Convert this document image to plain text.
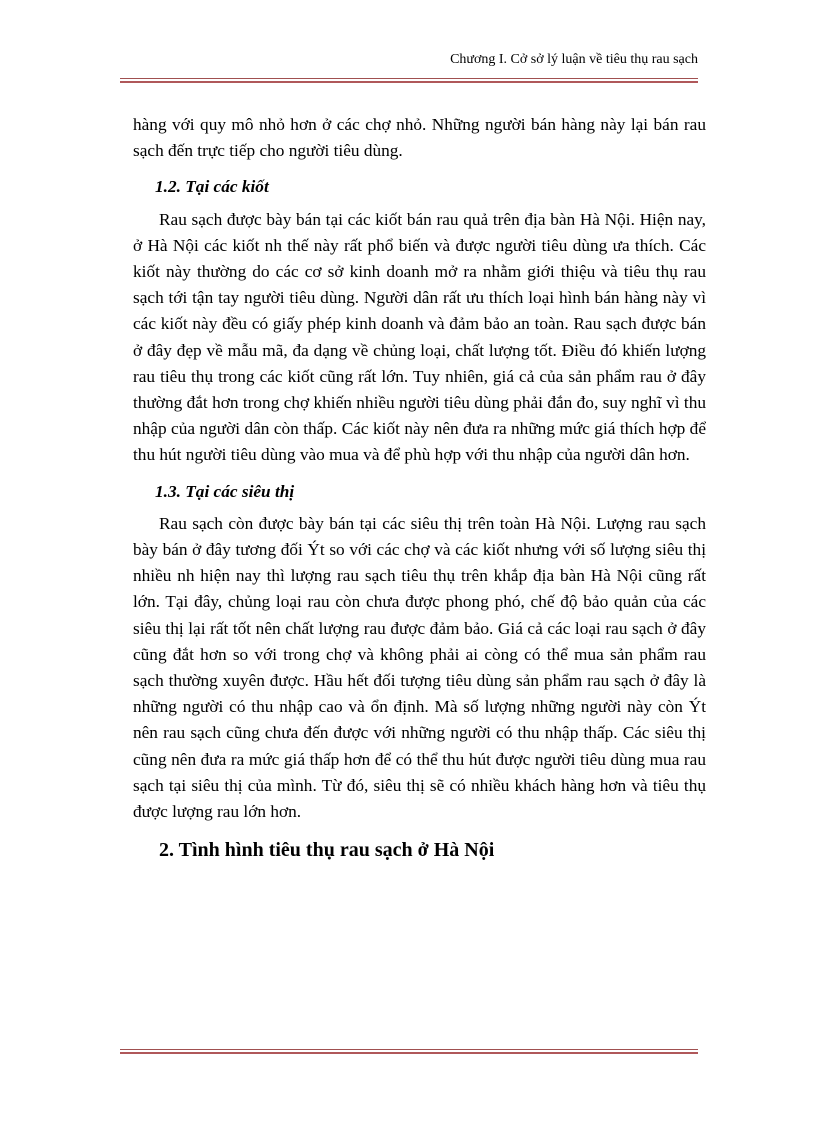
Chương I. Cở sở lý luận về tiêu thụ rau sạch

hàng với quy mô nhỏ hơn ở các chợ nhỏ. Những người bán hàng này lại bán rau sạch đến trực tiếp cho người tiêu dùng.

1.2. Tại các kiốt

Rau sạch được bày bán tại các kiốt bán rau quả trên địa bàn Hà Nội. Hiện nay, ở Hà Nội các kiốt nh thế này rất phổ biến và được người tiêu dùng ưa thích. Các kiốt này thường do các cơ sở kinh doanh mở ra nhằm giới thiệu và tiêu thụ rau sạch tới tận tay người tiêu dùng. Người dân rất ưu thích loại hình bán hàng này vì các kiốt này đều có giấy phép kinh doanh và đảm bảo an toàn. Rau sạch được bán ở đây đẹp về mẫu mã, đa dạng về chủng loại, chất lượng tốt. Điều đó khiến lượng rau tiêu thụ trong các kiốt cũng rất lớn. Tuy nhiên, giá cả của sản phẩm rau ở đây thường đắt hơn trong chợ khiến nhiều người tiêu dùng phải đắn đo, suy nghĩ vì thu nhập của người dân còn thấp. Các kiốt này nên đưa ra những mức giá thích hợp để thu hút người tiêu dùng vào mua và để phù hợp với thu nhập của người dân hơn.

1.3. Tại các siêu thị

Rau sạch còn được bày bán tại các siêu thị trên toàn Hà Nội. Lượng rau sạch bày bán ở đây tương đối Ýt so với các chợ và các kiốt nhưng với số lượng siêu thị nhiều nh hiện nay thì lượng rau sạch tiêu thụ trên khắp địa bàn Hà Nội cũng rất lớn. Tại đây, chủng loại rau còn chưa được phong phó, chế độ bảo quản của các siêu thị lại rất tốt nên chất lượng rau được đảm bảo. Giá cả các loại rau sạch ở đây cũng đắt hơn so với trong chợ và không phải ai còng có thể mua sản phẩm rau sạch thường xuyên được. Hầu hết đối tượng tiêu dùng sản phẩm rau sạch ở đây là những người có thu nhập cao và ổn định. Mà số lượng những người này còn Ýt nên rau sạch cũng chưa đến được với những người có thu nhập thấp. Các siêu thị cũng nên đưa ra mức giá thấp hơn để có thể thu hút được người tiêu dùng mua rau sạch tại siêu thị của mình. Từ đó, siêu thị sẽ có nhiều khách hàng hơn và tiêu thụ được lượng rau lớn hơn.

2. Tình hình tiêu thụ rau sạch ở Hà Nội
